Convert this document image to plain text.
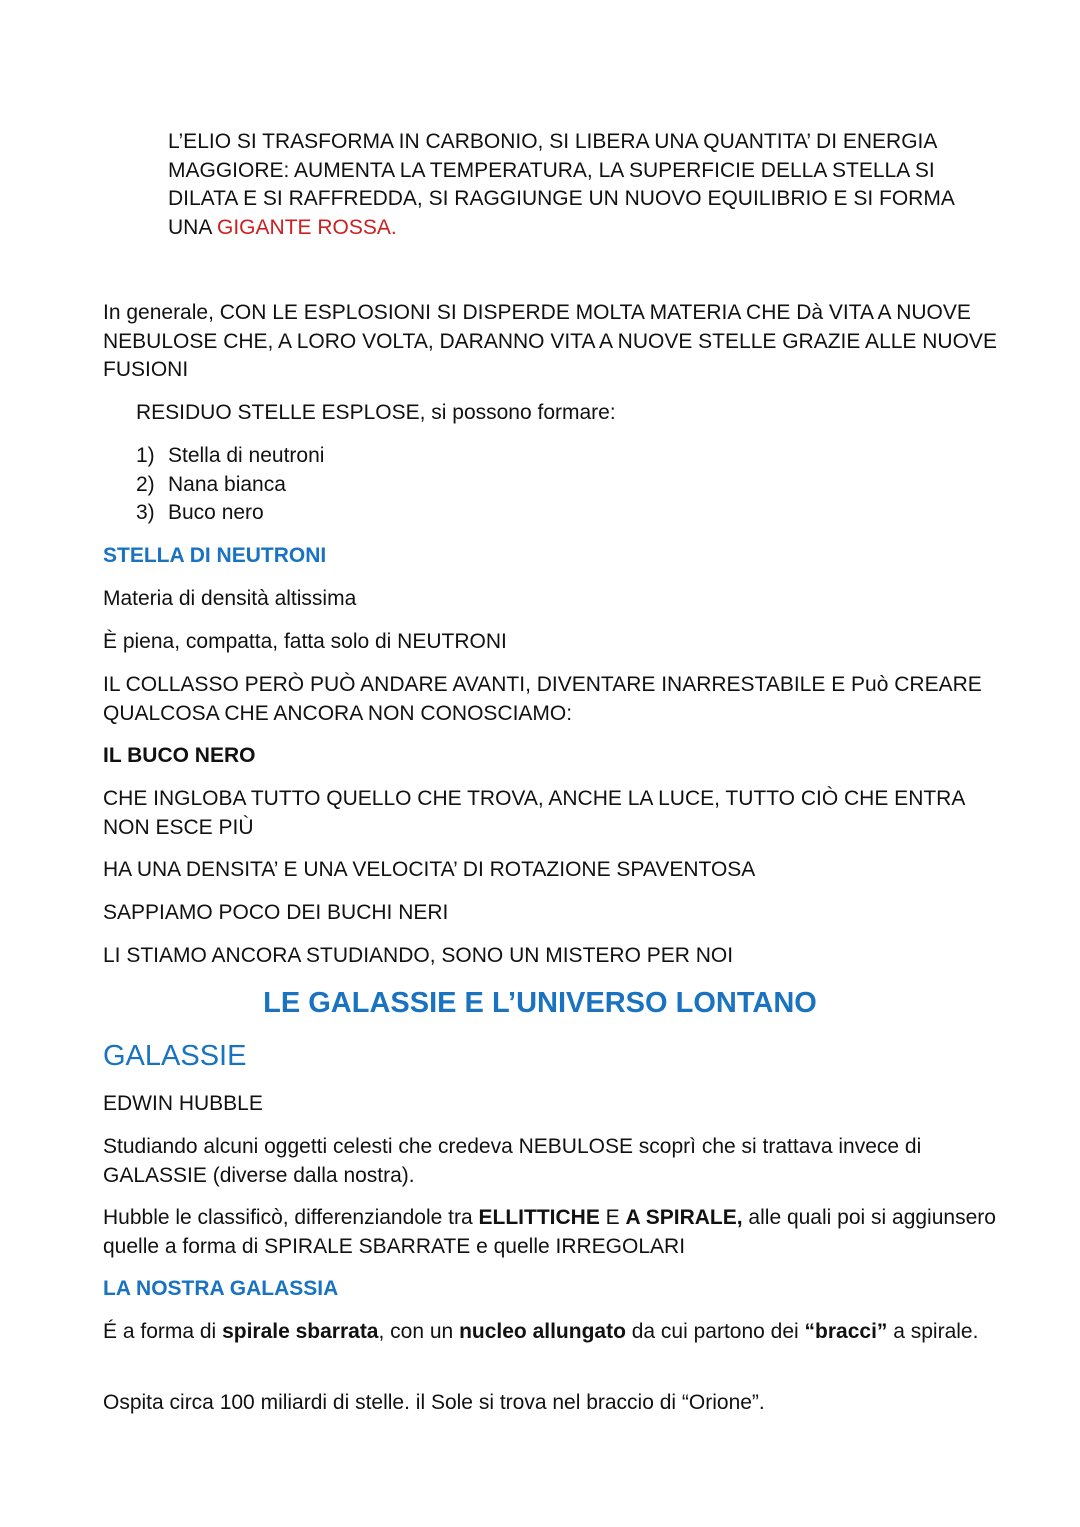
L’ELIO SI TRASFORMA IN CARBONIO, SI LIBERA UNA QUANTITA’ DI ENERGIA MAGGIORE: AUMENTA LA TEMPERATURA, LA SUPERFICIE DELLA STELLA SI DILATA E SI RAFFREDDA, SI RAGGIUNGE UN NUOVO EQUILIBRIO E SI FORMA UNA GIGANTE ROSSA.
In generale, CON LE ESPLOSIONI SI DISPERDE MOLTA MATERIA CHE Dà VITA A NUOVE NEBULOSE CHE, A LORO VOLTA, DARANNO VITA A NUOVE STELLE GRAZIE ALLE NUOVE FUSIONI
RESIDUO STELLE ESPLOSE, si possono formare:
1) Stella di neutroni
2) Nana bianca
3) Buco nero
STELLA DI NEUTRONI
Materia di densità altissima
È piena, compatta, fatta solo di NEUTRONI
IL COLLASSO PERÒ PUÒ ANDARE AVANTI, DIVENTARE INARRESTABILE E Può CREARE QUALCOSA CHE ANCORA NON CONOSCIAMO:
IL BUCO NERO
CHE INGLOBA TUTTO QUELLO CHE TROVA, ANCHE LA LUCE, TUTTO CIÒ CHE ENTRA NON ESCE PIÙ
HA UNA DENSITA’ E UNA VELOCITA’ DI ROTAZIONE SPAVENTOSA
SAPPIAMO POCO DEI BUCHI NERI
LI STIAMO ANCORA STUDIANDO, SONO UN MISTERO PER NOI
LE GALASSIE E L’UNIVERSO LONTANO
GALASSIE
EDWIN HUBBLE
Studiando alcuni oggetti celesti che credeva NEBULOSE scoprì che si trattava invece di GALASSIE (diverse dalla nostra).
Hubble le classificò, differenziandole tra ELLITTICHE E A SPIRALE, alle quali poi si aggiunsero quelle a forma di SPIRALE SBARRATE e quelle IRREGOLARI
LA NOSTRA GALASSIA
É a forma di spirale sbarrata, con un nucleo allungato da cui partono dei “bracci” a spirale.
Ospita circa 100 miliardi di stelle. il Sole si trova nel braccio di “Orione”.
